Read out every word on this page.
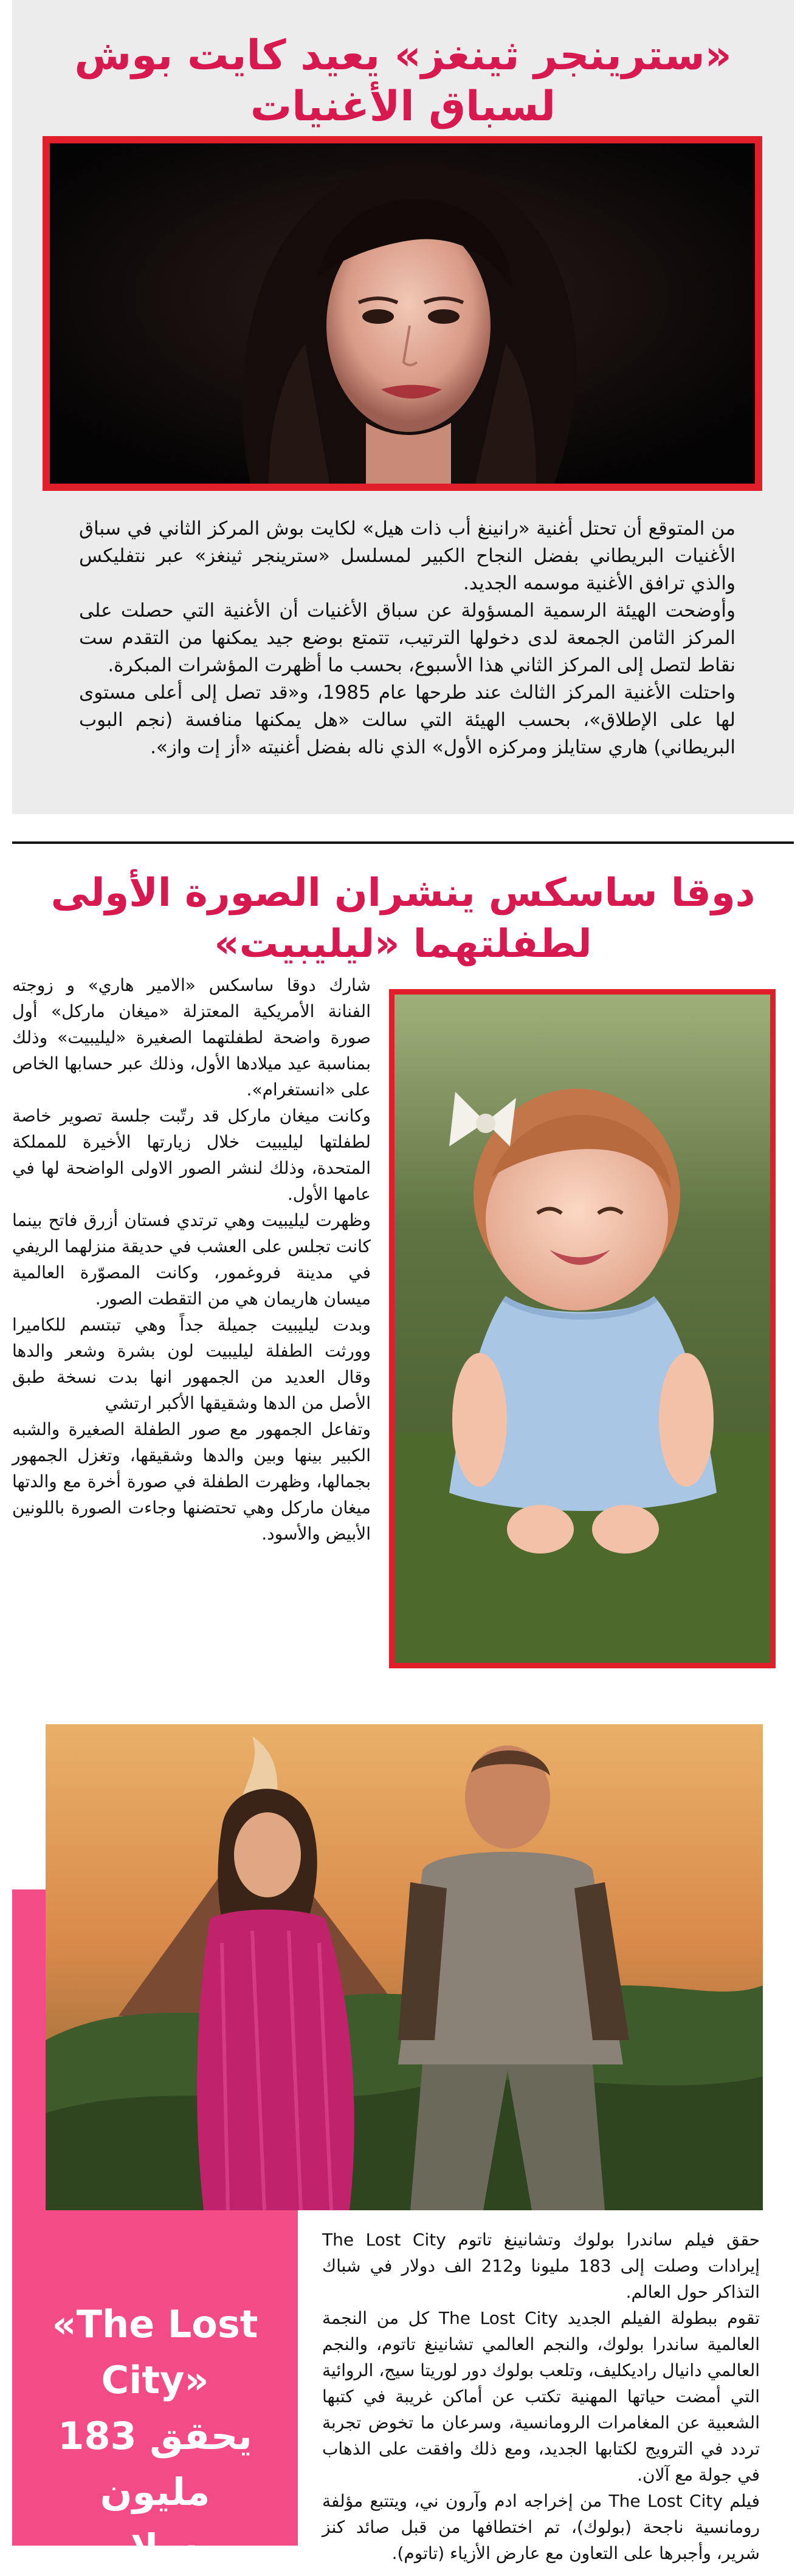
«سترينجر ثينغز» يعيد كايت بوش لسباق الأغنيات

من المتوقع أن تحتل أغنية «رانينغ أب ذات هيل» لكايت بوش المركز الثاني في سباق الأغنيات البريطاني بفضل النجاح الكبير لمسلسل «سترينجر ثينغز» عبر نتفليكس والذي ترافق الأغنية موسمه الجديد.

وأوضحت الهيئة الرسمية المسؤولة عن سباق الأغنيات أن الأغنية التي حصلت على المركز الثامن الجمعة لدى دخولها الترتيب، تتمتع بوضع جيد يمكنها من التقدم ست نقاط لتصل إلى المركز الثاني هذا الأسبوع، بحسب ما أظهرت المؤشرات المبكرة.

واحتلت الأغنية المركز الثالث عند طرحها عام 1985، و«قد تصل إلى أعلى مستوى لها على الإطلاق»، بحسب الهيئة التي سالت «هل يمكنها منافسة (نجم البوب البريطاني) هاري ستايلز ومركزه الأول» الذي ناله بفضل أغنيته «أز إت واز».

دوقا ساسكس ينشران الصورة الأولى لطفلتهما «ليليبيت»

شارك دوقا ساسكس «الامير هاري» و زوجته الفنانة الأمريكية المعتزلة «ميغان ماركل» أول صورة واضحة لطفلتهما الصغيرة «ليليبيت» وذلك بمناسبة عيد ميلادها الأول، وذلك عبر حسابها الخاص على «انستغرام».

وكانت ميغان ماركل قد رتّبت جلسة تصوير خاصة لطفلتها ليليبيت خلال زيارتها الأخيرة للمملكة المتحدة، وذلك لنشر الصور الاولى الواضحة لها في عامها الأول.

وظهرت ليليبيت وهي ترتدي فستان أزرق فاتح بينما كانت تجلس على العشب في حديقة منزلهما الريفي في مدينة فروغمور، وكانت المصوّرة العالمية ميسان هاريمان هي من التقطت الصور.

وبدت ليليبيت جميلة جداً وهي تبتسم للكاميرا وورثت الطفلة ليليبيت لون بشرة وشعر والدها وقال العديد من الجمهور انها بدت نسخة طبق الأصل من الدها وشقيقها الأكبر ارتشي

وتفاعل الجمهور مع صور الطفلة الصغيرة والشبه الكبير بينها وبين والدها وشقيقها، وتغزل الجمهور بجمالها، وظهرت الطفلة في صورة أخرة مع والدتها ميغان ماركل وهي تحتضنها وجاءت الصورة باللونين الأبيض والأسود.

«The Lost City»
يحقق 183 مليون
دولار

حقق فيلم ساندرا بولوك وتشانينغ تاتوم The Lost City إيرادات وصلت إلى 183 مليونا و212 الف دولار في شباك التذاكر حول العالم.

تقوم ببطولة الفيلم الجديد The Lost City كل من النجمة العالمية ساندرا بولوك، والنجم العالمي تشانينغ تاتوم، والنجم العالمي دانيال راديكليف، وتلعب بولوك دور لوريتا سيج، الروائية التي أمضت حياتها المهنية تكتب عن أماكن غريبة في كتبها الشعبية عن المغامرات الرومانسية، وسرعان ما تخوض تجربة تردد في الترويج لكتابها الجديد، ومع ذلك وافقت على الذهاب في جولة مع آلان.

فيلم The Lost City من إخراجه ادم وآرون ني، ويتتبع مؤلفة رومانسية ناجحة (بولوك)، تم اختطافها من قبل صائد كنز شرير، وأجبرها على التعاون مع عارض الأزياء (تاتوم).
